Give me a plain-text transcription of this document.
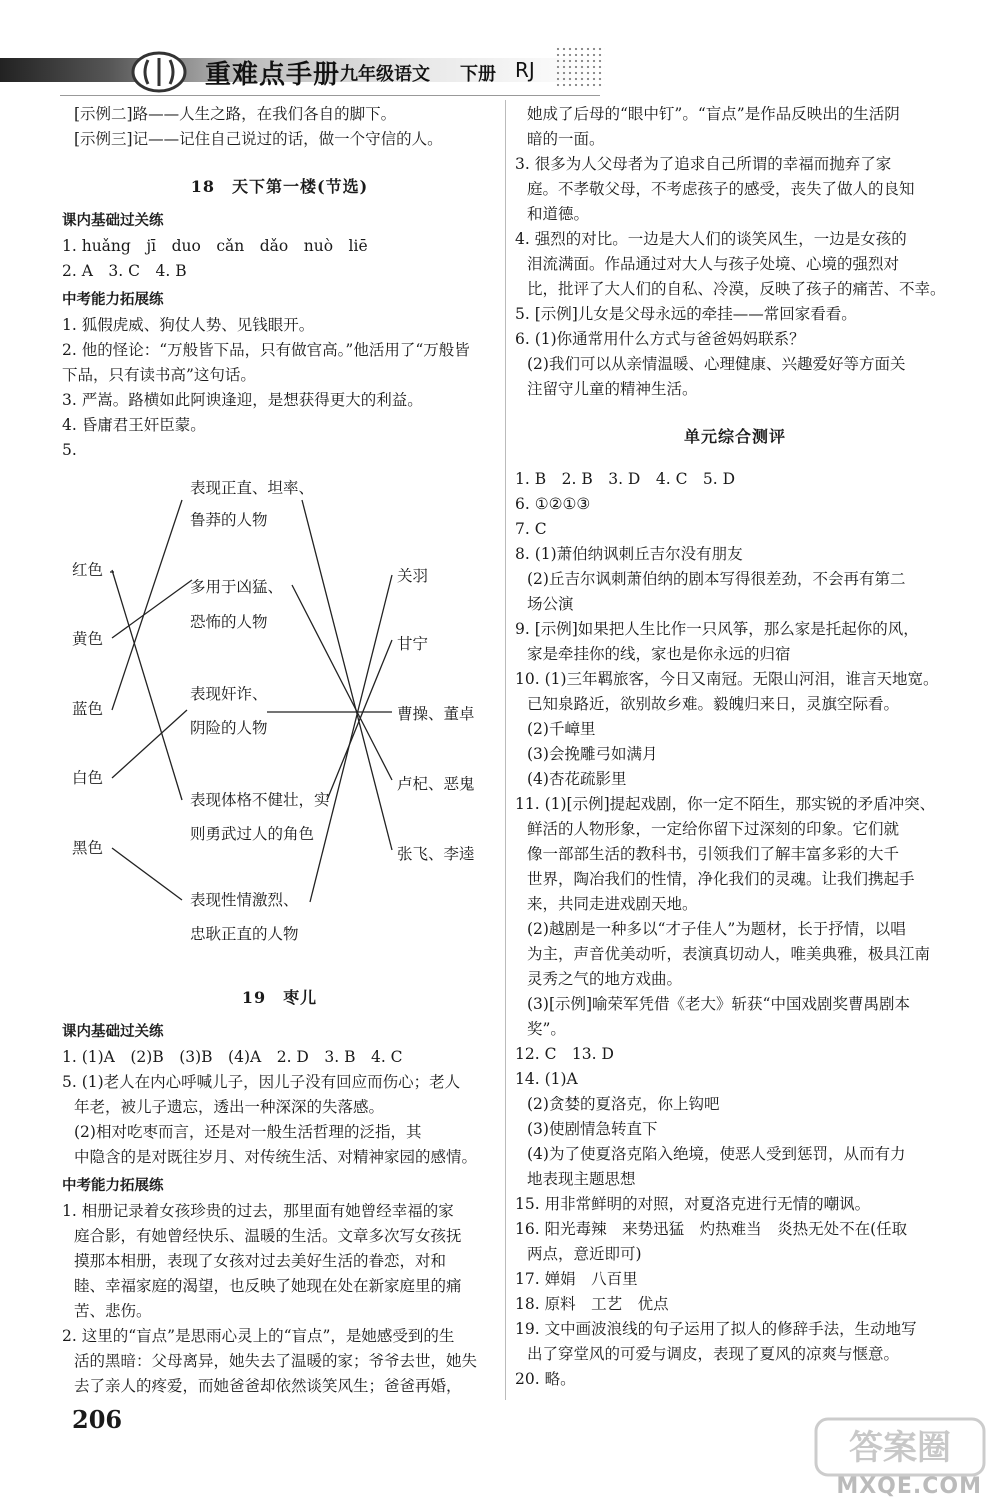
重难点手册 九年级语文 下册 RJ
[示例二]路——人生之路，在我们各自的脚下。
[示例三]记——记住自己说过的话，做一个守信的人。
18　天下第一楼(节选)
课内基础过关练
1. huǎng　jī　duo　cǎn　dǎo　nuò　liē
2. A　3. C　4. B
中考能力拓展练
1. 狐假虎威、狗仗人势、见钱眼开。
2. 他的怪论：“万般皆下品，只有做官高。”他活用了“万般皆
下品，只有读书高”这句话。
3. 严嵩。路横如此阿谀逢迎，是想获得更大的利益。
4. 昏庸君王奸臣蒙。
5.
红色
黄色
蓝色
白色
黑色
表现正直、坦率、
鲁莽的人物
多用于凶猛、
恐怖的人物
表现奸诈、
阴险的人物
表现体格不健壮，实
则勇武过人的角色
表现性情激烈、
忠耿正直的人物
关羽
甘宁
曹操、董卓
卢杞、恶鬼
张飞、李逵
19　枣儿
课内基础过关练
1. (1)A　(2)B　(3)B　(4)A　2. D　3. B　4. C
5. (1)老人在内心呼喊儿子，因儿子没有回应而伤心；老人
年老，被儿子遗忘，透出一种深深的失落感。
(2)相对吃枣而言，还是对一般生活哲理的泛指，其
中隐含的是对既往岁月、对传统生活、对精神家园的感情。
中考能力拓展练
1. 相册记录着女孩珍贵的过去，那里面有她曾经幸福的家
庭合影，有她曾经快乐、温暖的生活。文章多次写女孩抚
摸那本相册，表现了女孩对过去美好生活的眷恋，对和
睦、幸福家庭的渴望，也反映了她现在处在新家庭里的痛
苦、悲伤。
2. 这里的“盲点”是思雨心灵上的“盲点”，是她感受到的生
活的黑暗：父母离异，她失去了温暖的家；爷爷去世，她失
去了亲人的疼爱，而她爸爸却依然谈笑风生；爸爸再婚，
她成了后母的“眼中钉”。“盲点”是作品反映出的生活阴
暗的一面。
3. 很多为人父母者为了追求自己所谓的幸福而抛弃了家
庭。不孝敬父母，不考虑孩子的感受，丧失了做人的良知
和道德。
4. 强烈的对比。一边是大人们的谈笑风生，一边是女孩的
泪流满面。作品通过对大人与孩子处境、心境的强烈对
比，批评了大人们的自私、冷漠，反映了孩子的痛苦、不幸。
5. [示例]儿女是父母永远的牵挂——常回家看看。
6. (1)你通常用什么方式与爸爸妈妈联系？
(2)我们可以从亲情温暖、心理健康、兴趣爱好等方面关
注留守儿童的精神生活。
单元综合测评
1. B　2. B　3. D　4. C　5. D
6. ①②①③
7. C
8. (1)萧伯纳讽刺丘吉尔没有朋友
(2)丘吉尔讽刺萧伯纳的剧本写得很差劲，不会再有第二
场公演
9. [示例]如果把人生比作一只风筝，那么家是托起你的风，
家是牵挂你的线，家也是你永远的归宿
10. (1)三年羁旅客，今日又南冠。无限山河泪，谁言天地宽。
已知泉路近，欲别故乡难。毅魄归来日，灵旗空际看。
(2)千嶂里
(3)会挽雕弓如满月
(4)杏花疏影里
11. (1)[示例]提起戏剧，你一定不陌生，那实锐的矛盾冲突、
鲜活的人物形象，一定给你留下过深刻的印象。它们就
像一部部生活的教科书，引领我们了解丰富多彩的大千
世界，陶冶我们的性情，净化我们的灵魂。让我们携起手
来，共同走进戏剧天地。
(2)越剧是一种多以“才子佳人”为题材，长于抒情，以唱
为主，声音优美动听，表演真切动人，唯美典雅，极具江南
灵秀之气的地方戏曲。
(3)[示例]喻荣军凭借《老大》斩获“中国戏剧奖曹禺剧本
奖”。
12. C　13. D
14. (1)A
(2)贪婪的夏洛克，你上钩吧
(3)使剧情急转直下
(4)为了使夏洛克陷入绝境，使恶人受到惩罚，从而有力
地表现主题思想
15. 用非常鲜明的对照，对夏洛克进行无情的嘲讽。
16. 阳光毒辣　来势迅猛　灼热难当　炎热无处不在(任取
两点，意近即可)
17. 婵娟　八百里
18. 原料　工艺　优点
19. 文中画波浪线的句子运用了拟人的修辞手法，生动地写
出了穿堂风的可爱与调皮，表现了夏风的凉爽与惬意。
20. 略。
206
答案圈
MXQE.COM
